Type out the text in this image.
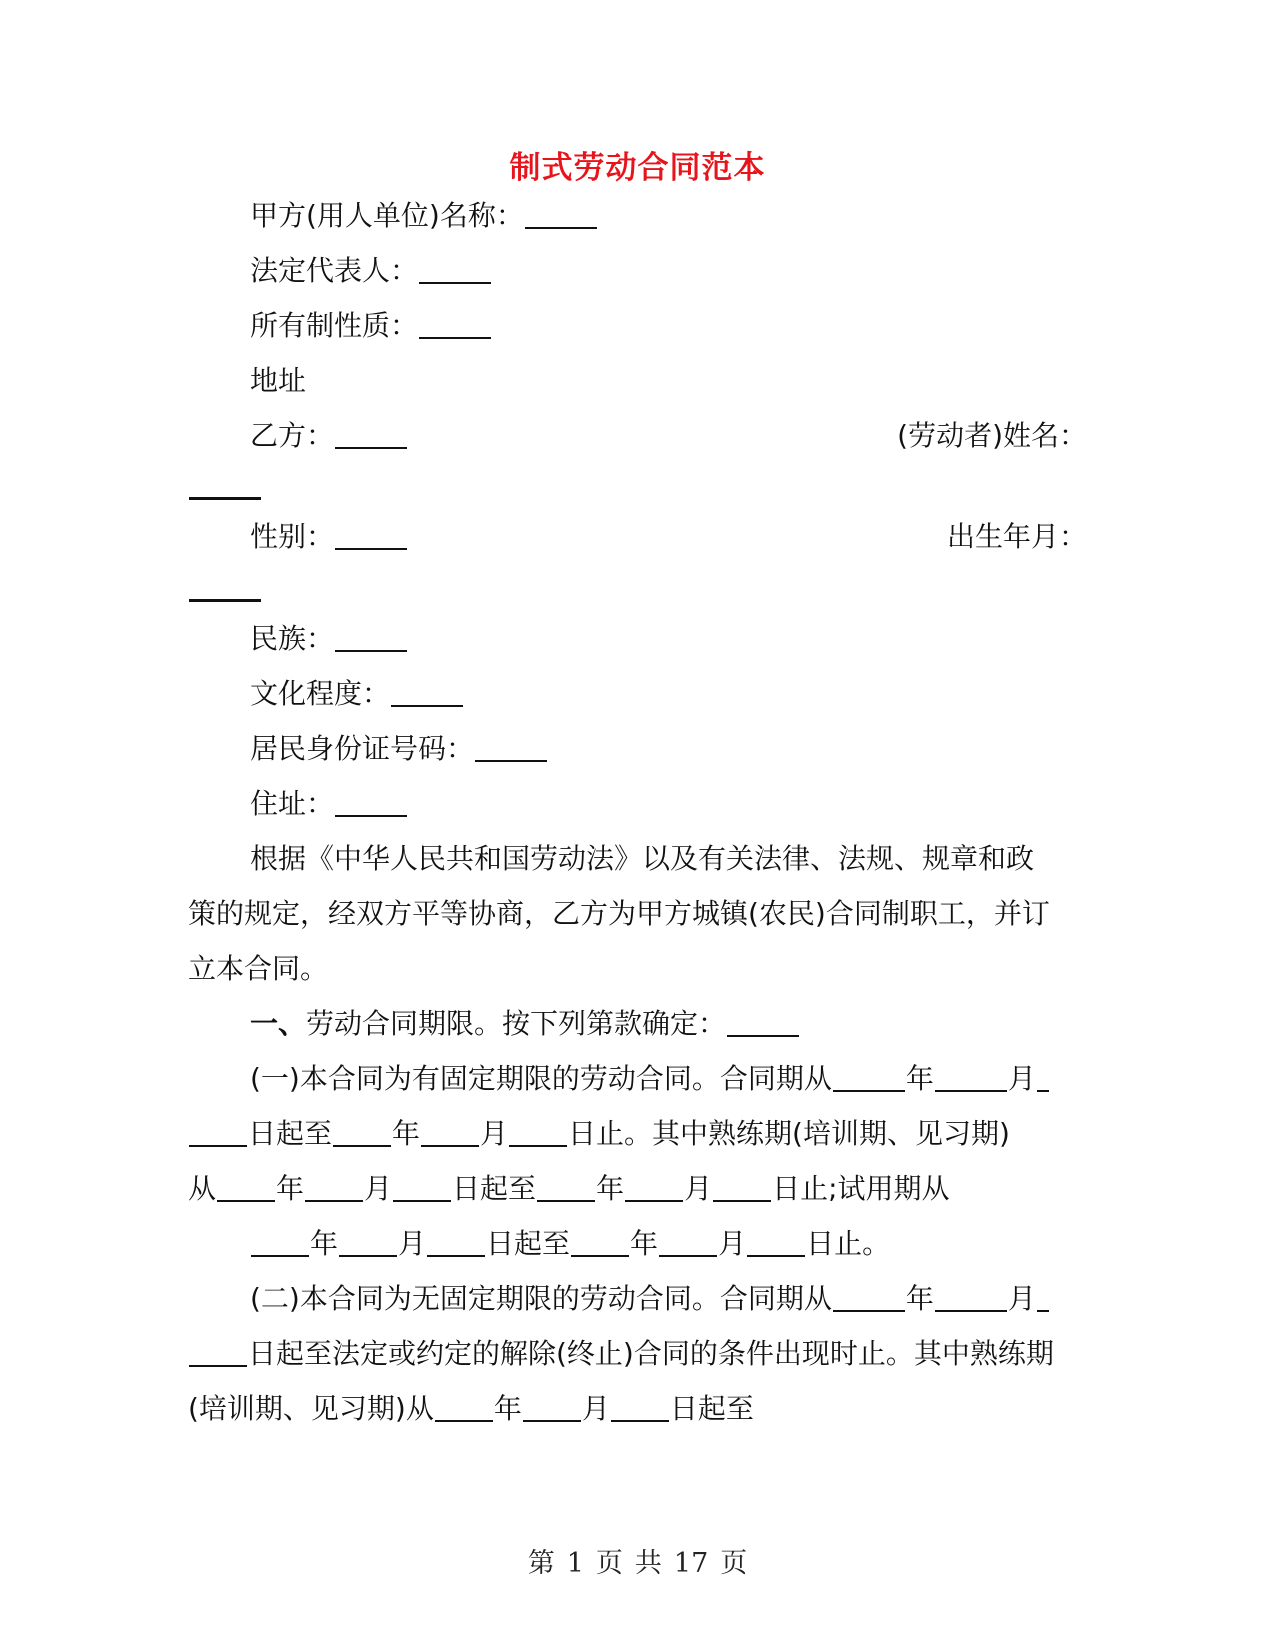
制式劳动合同范本
甲方(用人单位)名称：
法定代表人：
所有制性质：
地址
乙方：	(劳动者)姓名：
性别：	出生年月：
民族：
文化程度：
居民身份证号码：
住址：
根据《中华人民共和国劳动法》以及有关法律、法规、规章和政
策的规定，经双方平等协商，乙方为甲方城镇(农民)合同制职工，并订
立本合同。
一、劳动合同期限。按下列第款确定：
(一)本合同为有固定期限的劳动合同。合同期从	年	月
日起至 年 月 日止。其中熟练期(培训期、见习期)
从 年 月 日起至 年 月 日止;试用期从
年 月 日起至 年 月 日止。
(二)本合同为无固定期限的劳动合同。合同期从	年	月
日起至法定或约定的解除(终止)合同的条件出现时止。其中熟练期
(培训期、见习期)从 年 月 日起至
第 1 页 共 17 页
